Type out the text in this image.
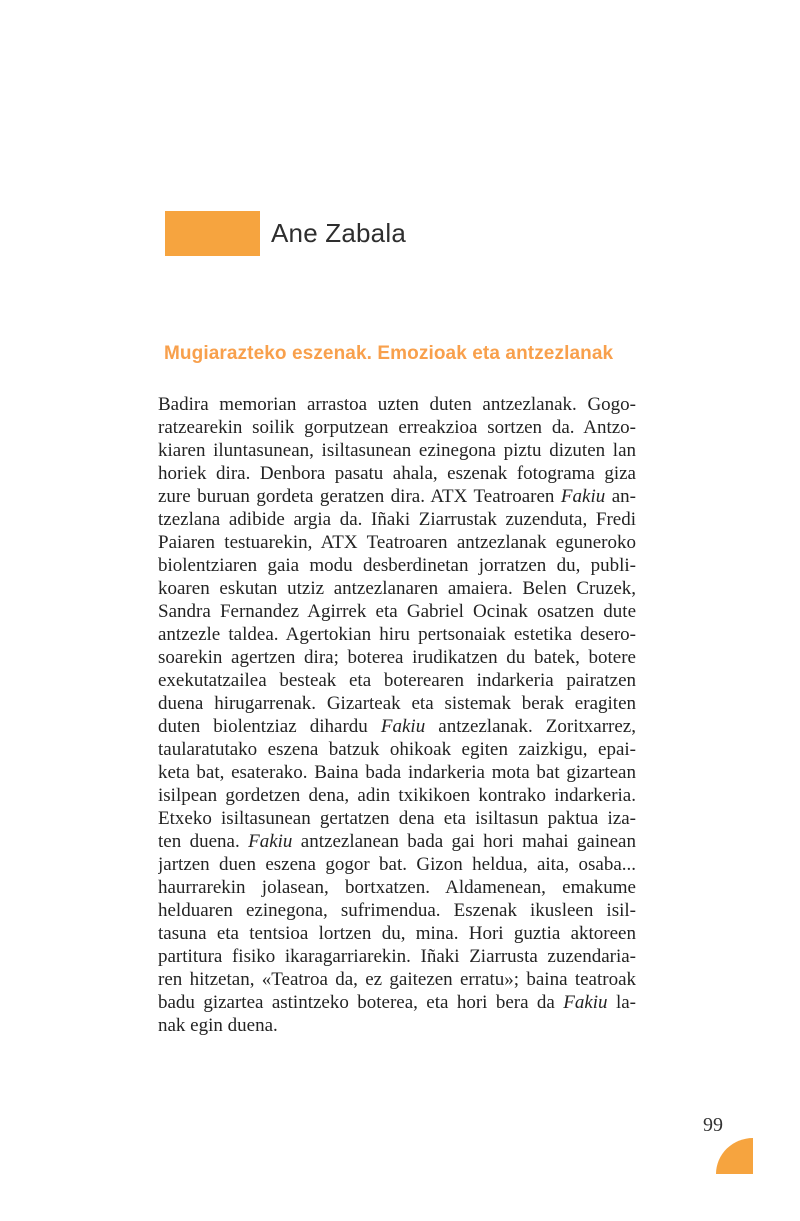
Ane Zabala
Mugiarazteko eszenak. Emozioak eta antzezlanak
Badira memorian arrastoa uzten duten antzezlanak. Gogo-
ratzearekin soilik gorputzean erreakzioa sortzen da. Antzo-
kiaren iluntasunean, isiltasunean ezinegona piztu dizuten lan
horiek dira. Denbora pasatu ahala, eszenak fotograma giza
zure buruan gordeta geratzen dira. ATX Teatroaren Fakiu an-
tzezlana adibide argia da. Iñaki Ziarrustak zuzenduta, Fredi
Paiaren testuarekin, ATX Teatroaren antzezlanak eguneroko
biolentziaren gaia modu desberdinetan jorratzen du, publi-
koaren eskutan utziz antzezlanaren amaiera. Belen Cruzek,
Sandra Fernandez Agirrek eta Gabriel Ocinak osatzen dute
antzezle taldea. Agertokian hiru pertsonaiak estetika desero-
soarekin agertzen dira; boterea irudikatzen du batek, botere
exekutatzailea besteak eta boterearen indarkeria pairatzen
duena hirugarrenak. Gizarteak eta sistemak berak eragiten
duten biolentziaz dihardu Fakiu antzezlanak. Zoritxarrez,
taularatutako eszena batzuk ohikoak egiten zaizkigu, epai-
keta bat, esaterako. Baina bada indarkeria mota bat gizartean
isilpean gordetzen dena, adin txikikoen kontrako indarkeria.
Etxeko isiltasunean gertatzen dena eta isiltasun paktua iza-
ten duena. Fakiu antzezlanean bada gai hori mahai gainean
jartzen duen eszena gogor bat. Gizon heldua, aita, osaba...
haurrarekin jolasean, bortxatzen. Aldamenean, emakume
helduaren ezinegona, sufrimendua. Eszenak ikusleen isil-
tasuna eta tentsioa lortzen du, mina. Hori guztia aktoreen
partitura fisiko ikaragarriarekin. Iñaki Ziarrusta zuzendaria-
ren hitzetan, «Teatroa da, ez gaitezen erratu»; baina teatroak
badu gizartea astintzeko boterea, eta hori bera da Fakiu la-
nak egin duena.
99
